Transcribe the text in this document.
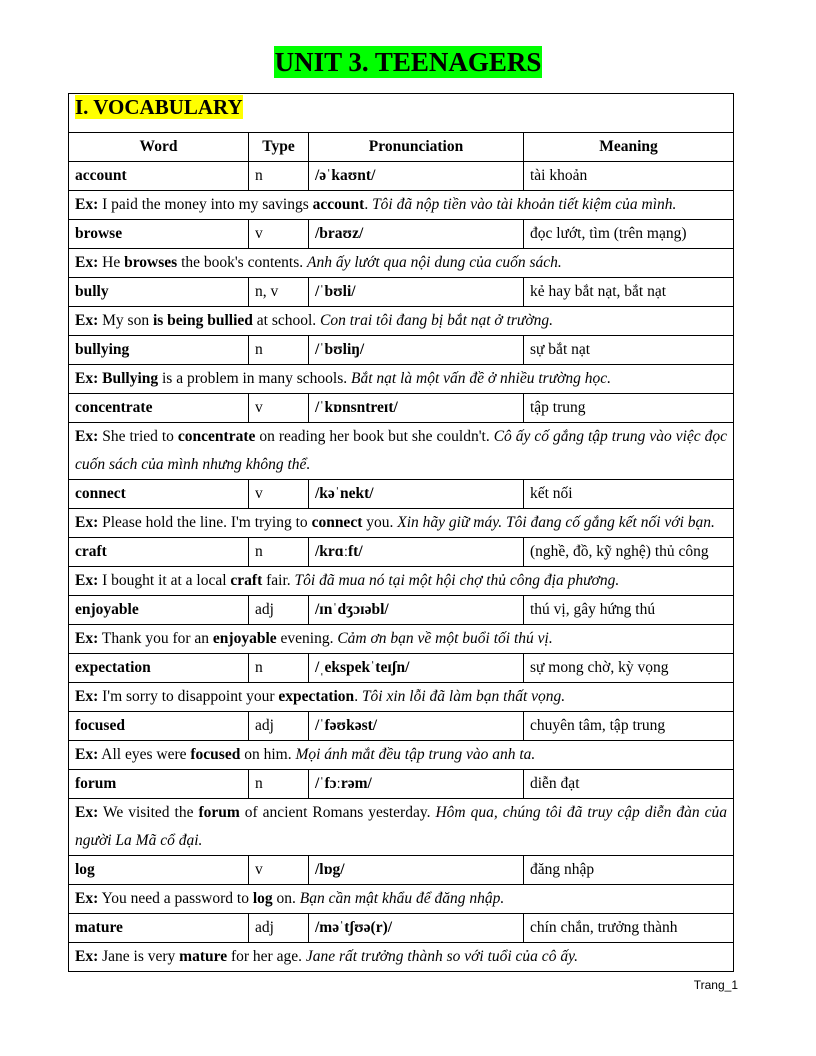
UNIT 3. TEENAGERS
I. VOCABULARY			
Word	Type	Pronunciation	Meaning
account	n	/əˈkaʊnt/	tài khoản
Ex: I paid the money into my savings account. Tôi đã nộp tiền vào tài khoản tiết kiệm của mình.			
browse	v	/braʊz/	đọc lướt, tìm (trên mạng)
Ex: He browses the book's contents. Anh ấy lướt qua nội dung của cuốn sách.			
bully	n, v	/ˈbʊli/	kẻ hay bắt nạt, bắt nạt
Ex: My son is being bullied at school. Con trai tôi đang bị bắt nạt ở trường.			
bullying	n	/ˈbʊliŋ/	sự bắt nạt
Ex: Bullying is a problem in many schools. Bắt nạt là một vấn đề ở nhiều trường học.			
concentrate	v	/ˈkɒnsntreɪt/	tập trung
Ex: She tried to concentrate on reading her book but she couldn't. Cô ấy cố gắng tập trung vào việc đọc cuốn sách của mình nhưng không thể.			
connect	v	/kəˈnekt/	kết nối
Ex: Please hold the line. I'm trying to connect you. Xin hãy giữ máy. Tôi đang cố gắng kết nối với bạn.			
craft	n	/krɑːft/	(nghề, đồ, kỹ nghệ) thủ công
Ex: I bought it at a local craft fair. Tôi đã mua nó tại một hội chợ thủ công địa phương.			
enjoyable	adj	/ɪnˈdʒɔɪəbl/	thú vị, gây hứng thú
Ex: Thank you for an enjoyable evening. Cảm ơn bạn về một buổi tối thú vị.			
expectation	n	/ˌekspekˈteɪʃn/	sự mong chờ, kỳ vọng
Ex: I'm sorry to disappoint your expectation. Tôi xin lỗi đã làm bạn thất vọng.			
focused	adj	/ˈfəʊkəst/	chuyên tâm, tập trung
Ex: All eyes were focused on him. Mọi ánh mắt đều tập trung vào anh ta.			
forum	n	/ˈfɔːrəm/	diễn đạt
Ex: We visited the forum of ancient Romans yesterday. Hôm qua, chúng tôi đã truy cập diễn đàn của người La Mã cổ đại.			
log	v	/lɒg/	đăng nhập
Ex: You need a password to log on. Bạn cần mật khẩu để đăng nhập.			
mature	adj	/məˈtʃʊə(r)/	chín chắn, trưởng thành
Ex: Jane is very mature for her age. Jane rất trưởng thành so với tuổi của cô ấy.			
Trang_1
